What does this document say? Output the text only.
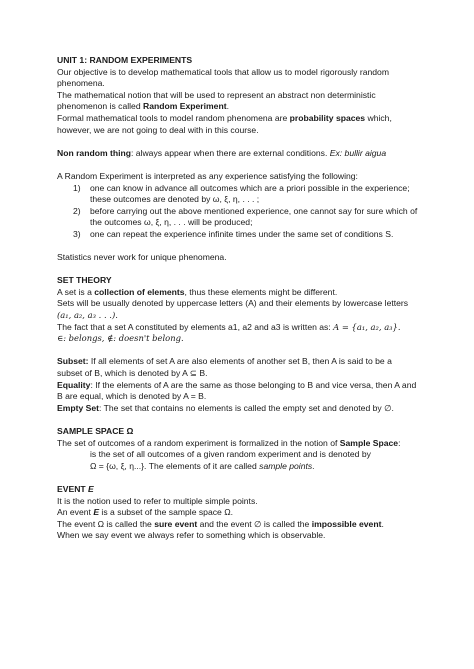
UNIT 1: RANDOM EXPERIMENTS

Our objective is to develop mathematical tools that allow us to model rigorously random phenomena.

The mathematical notion that will be used to represent an abstract non deterministic phenomenon is called Random Experiment.

Formal mathematical tools to model random phenomena are probability spaces which, however, we are not going to deal with in this course.

Non random thing: always appear when there are external conditions. Ex: bullir aigua

A Random Experiment is interpreted as any experience satisfying the following:

1) one can know in advance all outcomes which are a priori possible in the experience; these outcomes are denoted by ω, ξ, η, . . . ;
2) before carrying out the above mentioned experience, one cannot say for sure which of the outcomes ω, ξ, η, . . . will be produced;
3) one can repeat the experience infinite times under the same set of conditions S.

Statistics never work for unique phenomena.

SET THEORY

A set is a collection of elements, thus these elements might be different.

Sets will be usually denoted by uppercase letters (A) and their elements by lowercase letters

(a₁, a₂, a₃ . . .).

The fact that a set A constituted by elements a1, a2 and a3 is written as: A = {a₁, a₂, a₃}.

∈: belongs, ∉: doesn't belong.

Subset: If all elements of set A are also elements of another set B, then A is said to be a subset of B, which is denoted by A ⊆ B.

Equality: If the elements of A are the same as those belonging to B and vice versa, then A and B are equal, which is denoted by A = B.

Empty Set: The set that contains no elements is called the empty set and denoted by ∅.

SAMPLE SPACE Ω

The set of outcomes of a random experiment is formalized in the notion of Sample Space:

is the set of all outcomes of a given random experiment and is denoted by

Ω = {ω, ξ, η...}. The elements of it are called sample points.

EVENT E

It is the notion used to refer to multiple simple points.

An event E is a subset of the sample space Ω.

The event Ω is called the sure event and the event ∅ is called the impossible event.

When we say event we always refer to something which is observable.
